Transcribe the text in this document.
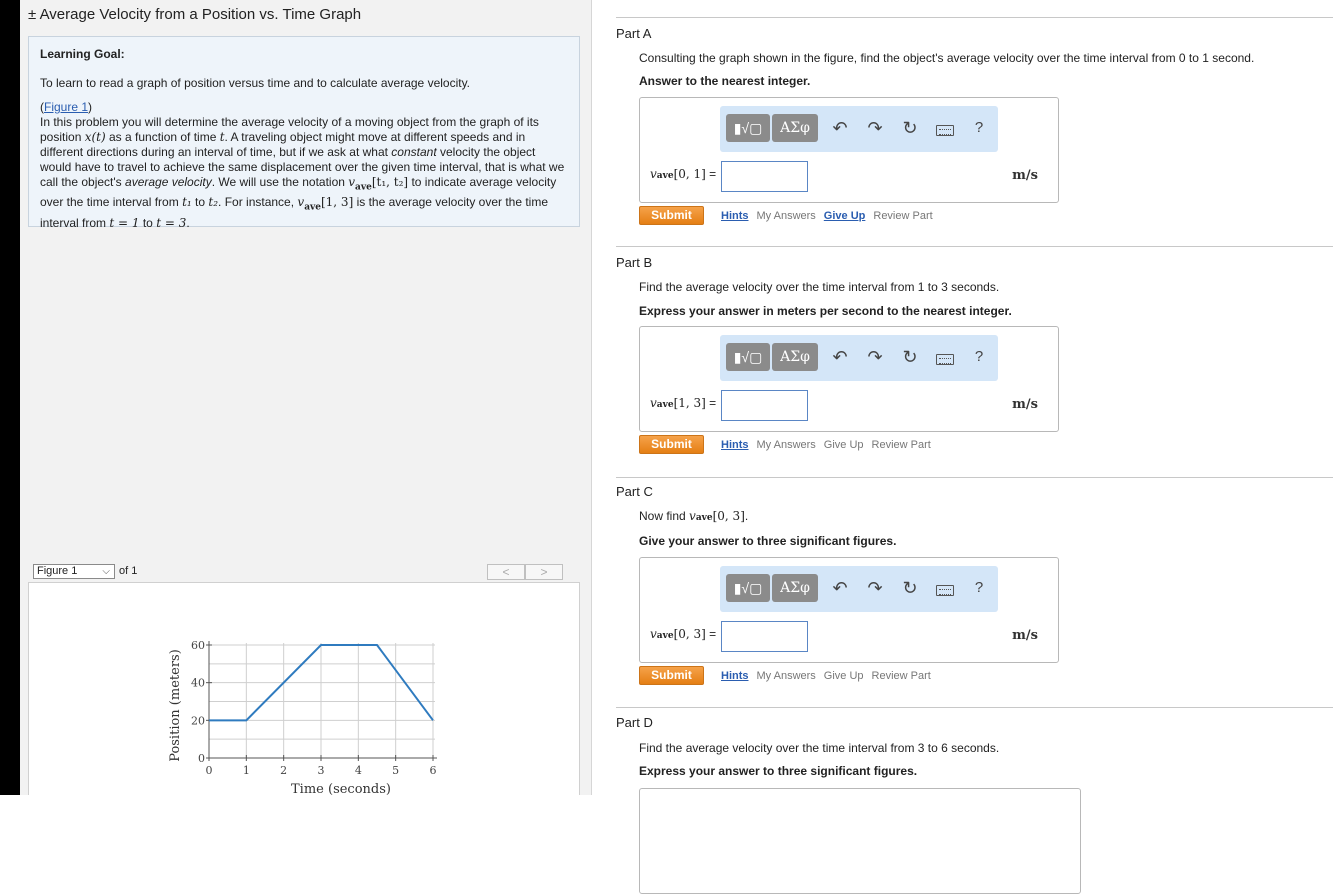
± Average Velocity from a Position vs. Time Graph
Learning Goal:
To learn to read a graph of position versus time and to calculate average velocity.
(Figure 1)
In this problem you will determine the average velocity of a moving object from the graph of its position x(t) as a function of time t. A traveling object might move at different speeds and in different directions during an interval of time, but if we ask at what constant velocity the object would have to travel to achieve the same displacement over the given time interval, that is what we call the object's average velocity. We will use the notation $v_{ave}[t_1$, t₂] to indicate average velocity over the time interval from t₁ to t₂. For instance, $v_{ave}[1$, 3] is the average velocity over the time interval from t = 1 to t = 3.
Figure 1	⌵ of 1	<	>
0	1	2	3	4	5	6
0
20
40
60
Time (seconds)
Position (meters)
Part A
Consulting the graph shown in the figure, find the object's average velocity over the time interval from 0 to 1 second.
Answer to the nearest integer.
▮√▢	ΑΣφ	↶ ↷ ↻	?
vave[0, 1] =	m/s
Submit	Hints My Answers Give Up Review Part
Part B
Find the average velocity over the time interval from 1 to 3 seconds.
Express your answer in meters per second to the nearest integer.
▮√▢	ΑΣφ	↶ ↷ ↻	?
vave[1, 3] =	m/s
Submit	Hints My Answers Give Up Review Part
Part C
Now find vave[0, 3].
Give your answer to three significant figures.
▮√▢	ΑΣφ	↶ ↷ ↻	?
vave[0, 3] =	m/s
Submit	Hints My Answers Give Up Review Part
Part D
Find the average velocity over the time interval from 3 to 6 seconds.
Express your answer to three significant figures.
